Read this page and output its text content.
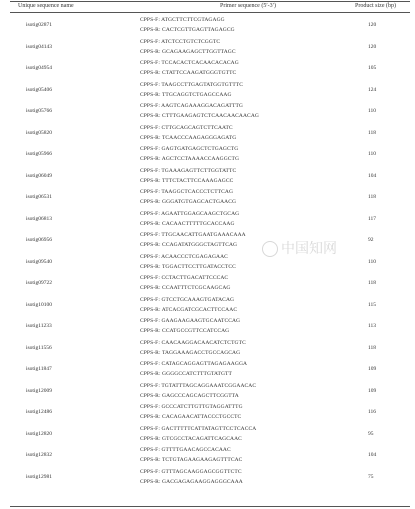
Unique sequence name	Primer sequence (5′-3′)	Product size (bp)
isotig02871
CPPS-F: ATGCTTCTTCGTAGAGG
CPPS-R: CACTCGTTGAGTTAGAGCG
120
isotig04143
CPPS-F: ATCTCCTGTCTCGGTC
CPPS-R: GCAGAAGAGCTTGGTTAGC
120
isotig04954
CPPS-F: TCCACACTCACAACACACAG
CPPS-R: CTATTCCAAGATGGGTGTTC
105
isotig05406
CPPS-F: TAAGCCTTGAGTATGGTGTTTC
CPPS-R: TTGCAGGTCTGAGCCAAG
124
isotig05766
CPPS-F: AAGTCAGAAAGGACAGATTTG
CPPS-R: CTTTGAAGAGTCTCAACAACAACAG
110
isotig05820
CPPS-F: CTTGCAGCAGTCTTCAATC
CPPS-R: TCAACCCAAGAGGGAGATG
118
isotig05966
CPPS-F: GAGTGATGAGCTCTGAGCTG
CPPS-R: AGCTCCTAAAACCAAGGCTG
110
isotig06049
CPPS-F: TGAAAGAGTTCTTGGTATTC
CPPS-R: TTTCTACTTCCAAAGAGCC
104
isotig06531
CPPS-F: TAAGGCTCACCCTCTTCAG
CPPS-R: GGGATGTGAGCACTGAACG
118
isotig06813
CPPS-F: AGAATTGGAGCAAGCTGCAG
CPPS-R: CACAACTTTTTGCACCAAG
117
isotig06956
CPPS-F: TTGCAACATTGAATGAAACAAA
CPPS-R: CCAGATATGGGCTAGTTCAG
92
isotig09540
CPPS-F: ACAACCCTCGAGAGAAC
CPPS-R: TGGACTTCCTTGATACCTCC
110
isotig09722
CPPS-F: CCTACTTGACATTCCCAC
CPPS-R: CCAATTTCTCGCAAGCAG
118
isotig10100
CPPS-F: GTCCTGCAAAGTGATACAG
CPPS-R: ATCACGATCGCACTTCCAAC
115
isotig11233
CPPS-F: GAAGAAGAAGTGCAATCCAG
CPPS-R: CCATGCCGTTCCATCCAG
113
isotig11556
CPPS-F: CAACAAGGACAACATCTCTGTC
CPPS-R: TAGGAAAGACCTGCCAGCAG
118
isotig11847
CPPS-F: CATAGCAGGAGTTAGAGAAGGA
CPPS-R: GGGGCCATCTTTGTATGTT
109
isotig12009
CPPS-F: TGTATTTAGCAGGAAATCGGAACAC
CPPS-R: GAGCCCAGCAGCTTCGGTTA
109
isotig12486
CPPS-F: GCCCATCTTGTTGTAGGATTTG
CPPS-R: CACAGAACATTACCCTGCCTC
116
isotig12820
CPPS-F: GACTTTTTCATTATAGTTCCTCACCA
CPPS-R: GTCGCCTACAGATTCAGCAAC
95
isotig12832
CPPS-F: GTTTTGAACAGCCACAAC
CPPS-R: TCTGTAGAAGAAGAGTTTCAC
104
isotig12981
CPPS-F: GTTTAGCAAGGAGCGGTTCTC
CPPS-R: GACGAGAGAAGGAGGGCAAA
75
中国知网
